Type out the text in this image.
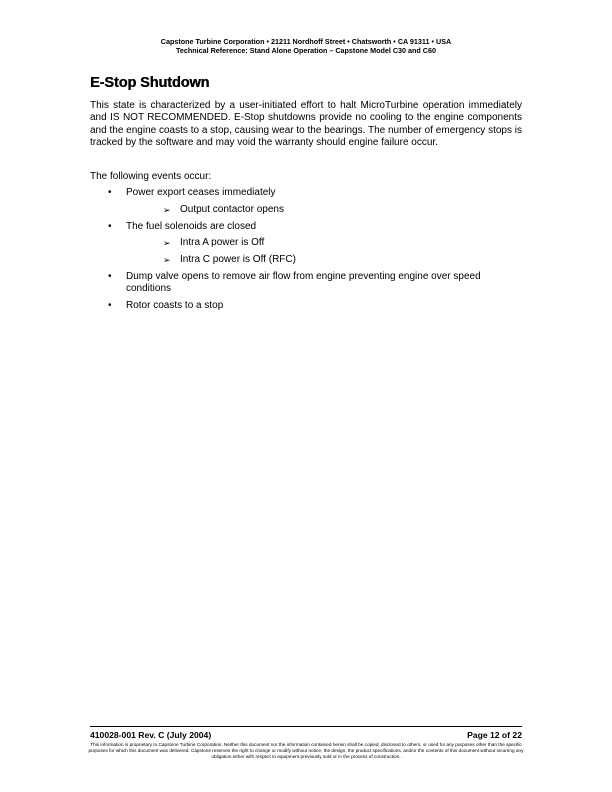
Capstone Turbine Corporation • 21211 Nordhoff Street • Chatsworth • CA 91311 • USA
Technical Reference: Stand Alone Operation – Capstone Model C30 and C60
E-Stop Shutdown
This state is characterized by a user-initiated effort to halt MicroTurbine operation immediately and IS NOT RECOMMENDED. E-Stop shutdowns provide no cooling to the engine components and the engine coasts to a stop, causing wear to the bearings. The number of emergency stops is tracked by the software and may void the warranty should engine failure occur.
The following events occur:
• Power export ceases immediately
➢ Output contactor opens
• The fuel solenoids are closed
➢ Intra A power is Off
➢ Intra C power is Off (RFC)
• Dump valve opens to remove air flow from engine preventing engine over speed conditions
• Rotor coasts to a stop
410028-001 Rev. C (July 2004)	Page 12 of 22
This information is proprietary to Capstone Turbine Corporation. Neither this document nor the information contained herein shall be copied, disclosed to others, or used for any purposes other than the specific purposes for which this document was delivered. Capstone reserves the right to change or modify without notice, the design, the product specifications, and/or the contents of this document without incurring any obligation either with respect to equipment previously sold or in the process of construction.
